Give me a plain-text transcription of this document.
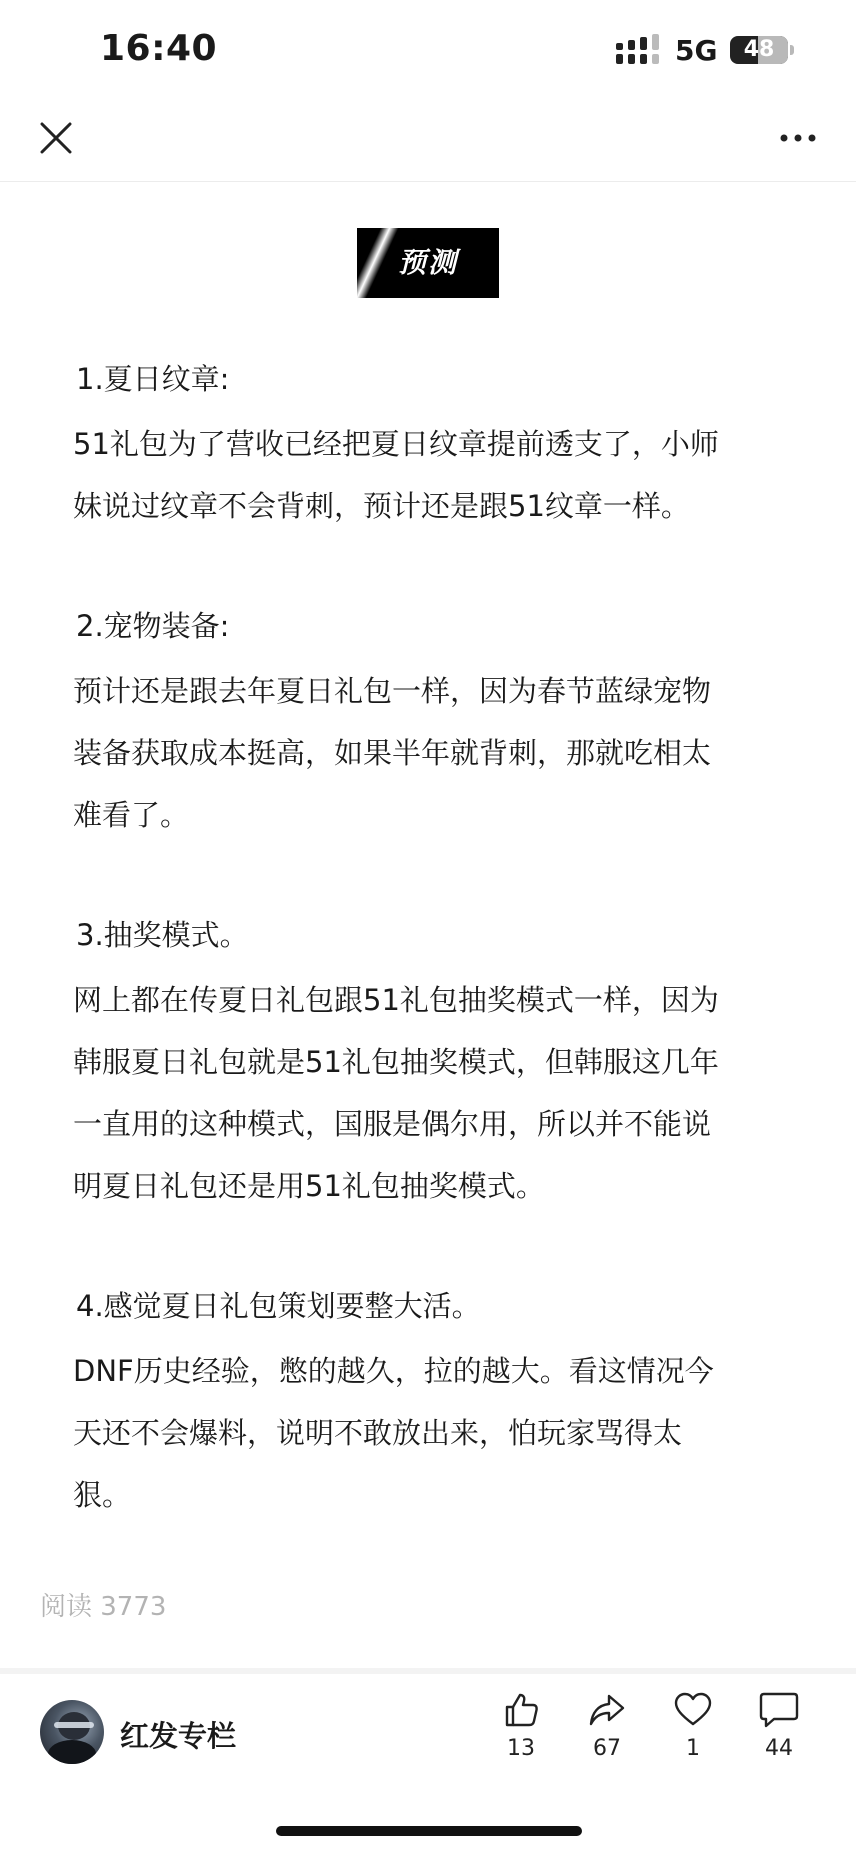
16:40	5G	48
预测
1.夏日纹章:
51礼包为了营收已经把夏日纹章提前透支了，小师
妹说过纹章不会背刺，预计还是跟51纹章一样。
2.宠物装备:
预计还是跟去年夏日礼包一样，因为春节蓝绿宠物
装备获取成本挺高，如果半年就背刺，那就吃相太
难看了。
3.抽奖模式。
网上都在传夏日礼包跟51礼包抽奖模式一样，因为
韩服夏日礼包就是51礼包抽奖模式，但韩服这几年
一直用的这种模式，国服是偶尔用，所以并不能说
明夏日礼包还是用51礼包抽奖模式。
4.感觉夏日礼包策划要整大活。
DNF历史经验，憋的越久，拉的越大。看这情况今
天还不会爆料，说明不敢放出来，怕玩家骂得太
狠。
阅读 3773
红发专栏	13	67	1	44
